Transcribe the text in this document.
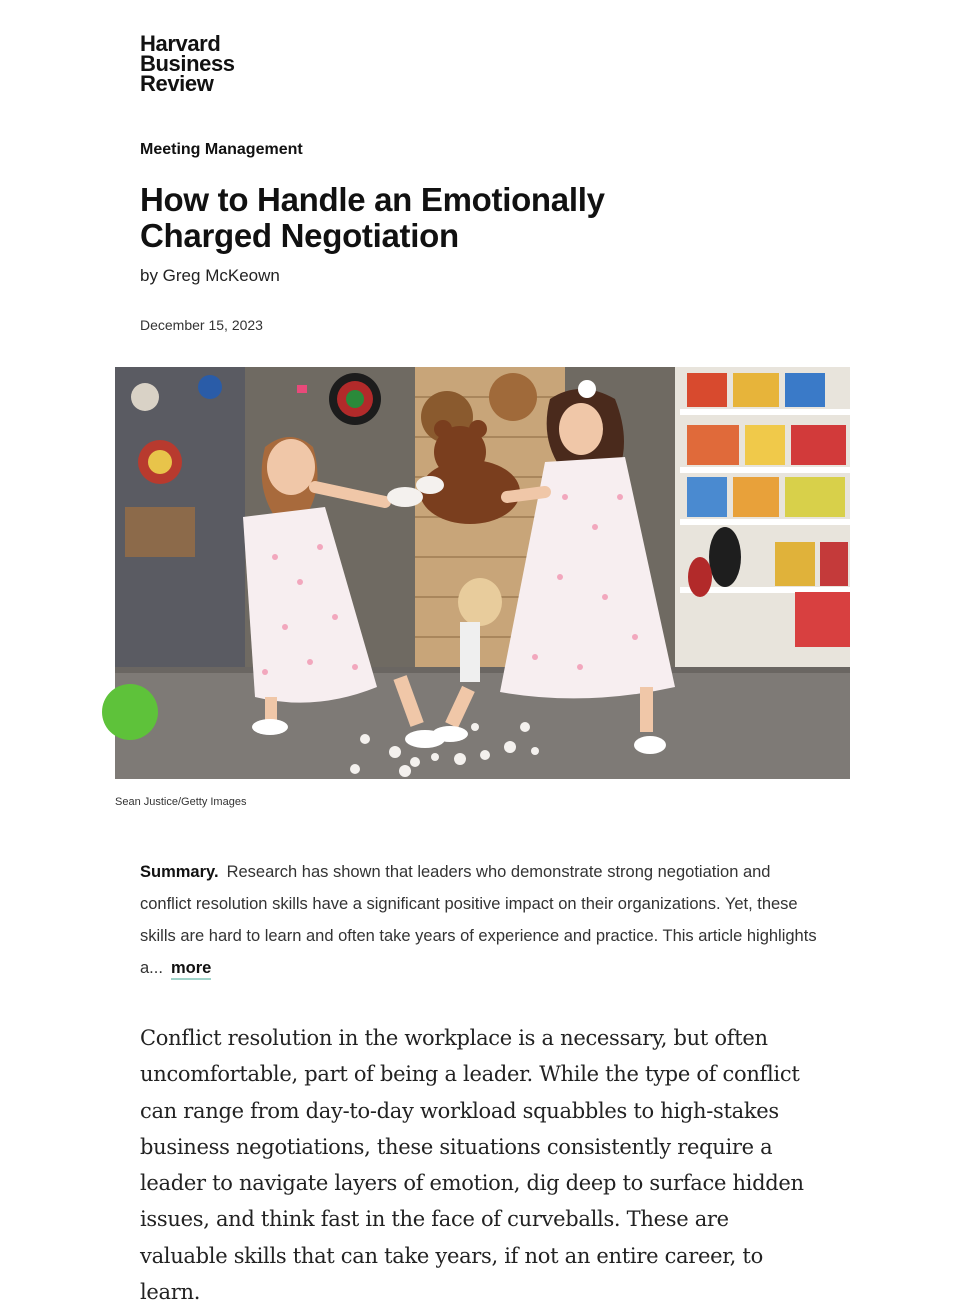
Harvard
Business
Review
Meeting Management
How to Handle an Emotionally Charged Negotiation
by Greg McKeown
December 15, 2023
Sean Justice/Getty Images

Summary. Research has shown that leaders who demonstrate strong negotiation and conflict resolution skills have a significant positive impact on their organizations. Yet, these skills are hard to learn and often take years of experience and practice. This article highlights a... more

Conflict resolution in the workplace is a necessary, but often uncomfortable, part of being a leader. While the type of conflict can range from day-to-day workload squabbles to high-stakes business negotiations, these situations consistently require a leader to navigate layers of emotion, dig deep to surface hidden issues, and think fast in the face of curveballs. These are valuable skills that can take years, if not an entire career, to learn.
